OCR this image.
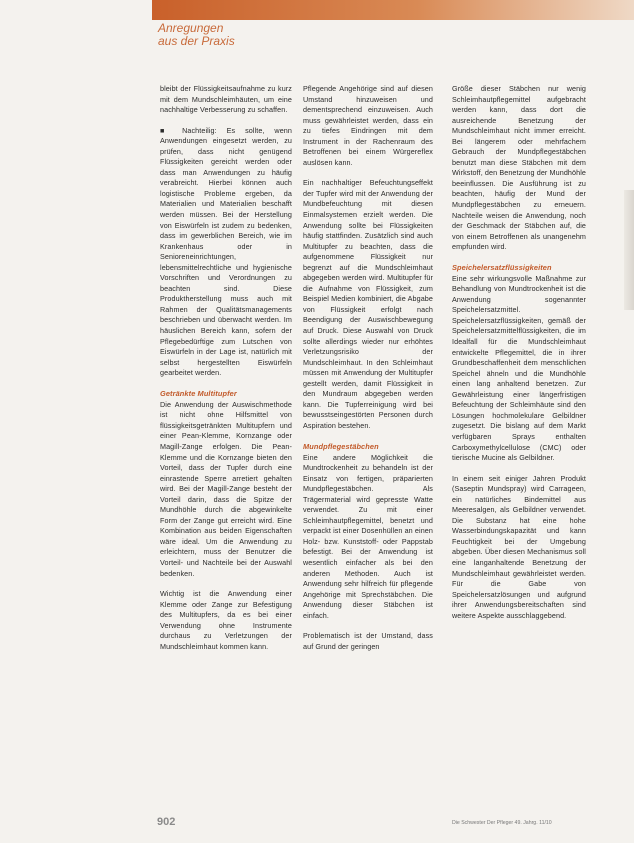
Anregungen
aus der Praxis

bleibt der Flüssigkeitsaufnahme zu kurz mit dem Mundschleimhäuten, um eine nachhaltige Verbesserung zu schaffen.

■ Nachteilig: Es sollte, wenn Anwendungen eingesetzt werden, zu prüfen, dass nicht genügend Flüssigkeiten gereicht werden oder dass man Anwendungen zu häufig verabreicht. Hierbei können auch logistische Probleme ergeben, da Materialien und Materialien beschafft werden müssen. Bei der Herstellung von Eiswürfeln ist zudem zu bedenken, dass im gewerblichen Bereich, wie im Krankenhaus oder in Senioreneinrichtungen, lebensmittelrechtliche und hygienische Vorschriften und Verordnungen zu beachten sind. Diese Produktherstellung muss auch mit Rahmen der Qualitätsmanagements beschrieben und überwacht werden. Im häuslichen Bereich kann, sofern der Pflegebedürftige zum Lutschen von Eiswürfeln in der Lage ist, natürlich mit selbst hergestellten Eiswürfeln gearbeitet werden.

Getränkte Multitupfer

Die Anwendung der Auswischmethode ist nicht ohne Hilfsmittel von flüssigkeitsgetränkten Multitupfern und einer Pean-Klemme, Kornzange oder Magill-Zange erfolgen. Die Pean-Klemme und die Kornzange bieten den Vorteil, dass der Tupfer durch eine einrastende Sperre arretiert gehalten wird. Bei der Magill-Zange besteht der Vorteil darin, dass die Spitze der Mundhöhle durch die abgewinkelte Form der Zange gut erreicht wird. Eine Kombination aus beiden Eigenschaften wäre ideal. Um die Anwendung zu erleichtern, muss der Benutzer die Vorteil- und Nachteile bei der Auswahl bedenken.

Wichtig ist die Anwendung einer Klemme oder Zange zur Befestigung des Multitupfers, da es bei einer Verwendung ohne Instrumente durchaus zu Verletzungen der Mundschleimhaut kommen kann.

Pflegende Angehörige sind auf diesen Umstand hinzuweisen und dementsprechend einzuweisen. Auch muss gewährleistet werden, dass ein zu tiefes Eindringen mit dem Instrument in der Rachenraum des Betroffenen bei einem Würgereflex auslösen kann.

Ein nachhaltiger Befeuchtungseffekt der Tupfer wird mit der Anwendung der Mundbefeuchtung mit diesen Einmalsystemen erzielt werden. Die Anwendung sollte bei Flüssigkeiten häufig stattfinden. Zusätzlich sind auch Multitupfer zu beachten, dass die aufgenommene Flüssigkeit nur begrenzt auf die Mundschleimhaut abgegeben werden wird. Multitupfer für die Aufnahme von Flüssigkeit, zum Beispiel Medien kombiniert, die Abgabe von Flüssigkeit erfolgt nach Beendigung der Auswischbewegung auf Druck. Diese Auswahl von Druck sollte allerdings wieder nur erhöhtes Verletzungsrisiko der Mundschleimhaut. In den Schleimhaut müssen mit Anwendung der Multitupfer gestellt werden, damit Flüssigkeit in den Mundraum abgegeben werden kann. Die Tupferreinigung wird bei bewusstseingestörten Personen durch Aspiration bestehen.

Mundpflegestäbchen

Eine andere Möglichkeit die Mundtrockenheit zu behandeln ist der Einsatz von fertigen, präparierten Mundpflegestäbchen. Als Trägermaterial wird gepresste Watte verwendet. Zu mit einer Schleimhautpflegemittel, benetzt und verpackt ist einer Dosenhüllen an einen Holz- bzw. Kunststoff- oder Pappstab befestigt. Bei der Anwendung ist wesentlich einfacher als bei den anderen Methoden. Auch ist Anwendung sehr hilfreich für pflegende Angehörige mit Sprechstäbchen. Die Anwendung dieser Stäbchen ist einfach.

Problematisch ist der Umstand, dass auf Grund der geringen

Größe dieser Stäbchen nur wenig Schleimhautpflegemittel aufgebracht werden kann, dass dort die ausreichende Benetzung der Mundschleimhaut nicht immer erreicht. Bei längerem oder mehrfachem Gebrauch der Mundpflegestäbchen benutzt man diese Stäbchen mit dem Wirkstoff, den Benetzung der Mundhöhle beeinflussen. Die Ausführung ist zu beachten, häufig der Mund der Mundpflegestäbchen zu erneuern. Nachteile weisen die Anwendung, noch der Geschmack der Stäbchen auf, die von einem Betroffenen als unangenehm empfunden wird.

Speichelersatzflüssigkeiten

Eine sehr wirkungsvolle Maßnahme zur Behandlung von Mundtrockenheit ist die Anwendung sogenannter Speichelersatzmittel. Speichelersatzflüssigkeiten, gemäß der Speichelersatzmittelflüssigkeiten, die im Idealfall für die Mundschleimhaut entwickelte Pflegemittel, die in ihrer Grundbeschaffenheit dem menschlichen Speichel ähneln und die Mundhöhle einen lang anhaltend benetzen. Zur Gewährleistung einer längerfristigen Befeuchtung der Schleimhäute sind den Lösungen hochmolekulare Gelbildner zugesetzt. Die bislang auf dem Markt verfügbaren Sprays enthalten Carboxymethylcellulose (CMC) oder tierische Mucine als Gelbildner.

In einem seit einiger Jahren Produkt (Saseptin Mundspray) wird Carrageen, ein natürliches Bindemittel aus Meeresalgen, als Gelbildner verwendet. Die Substanz hat eine hohe Wasserbindungskapazität und kann Feuchtigkeit bei der Umgebung abgeben. Über diesen Mechanismus soll eine langanhaltende Benetzung der Mundschleimhaut gewährleistet werden. Für die Gabe von Speichelersatzlösungen und aufgrund ihrer Anwendungsbereitschaften sind weitere Aspekte ausschlaggebend.

902	Die Schwester Der Pfleger 49. Jahrg. 11/10
